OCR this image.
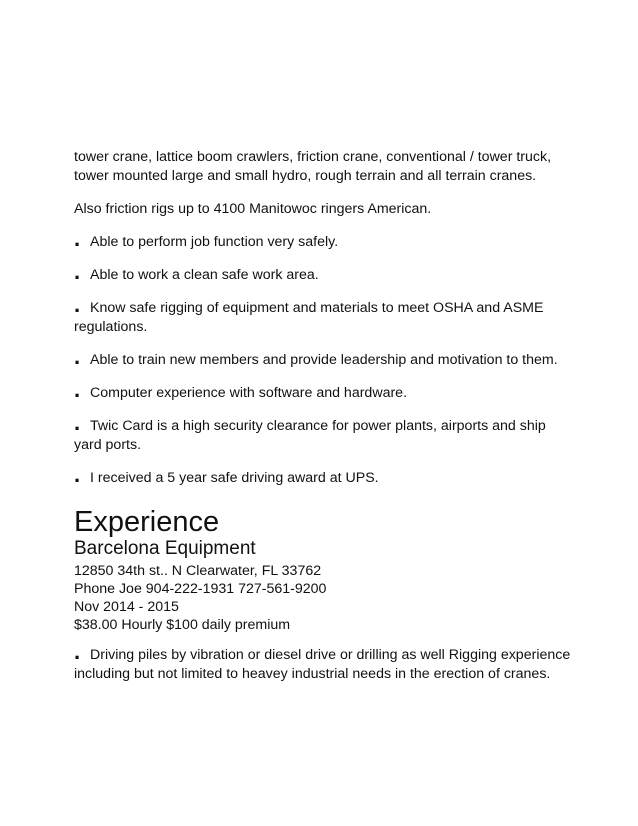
tower crane, lattice boom crawlers, friction crane, conventional / tower truck, tower mounted large and small hydro, rough terrain and all terrain cranes.

Also friction rigs up to 4100 Manitowoc ringers American.

. Able to perform job function very safely.

. Able to work a clean safe work area.

. Know safe rigging of equipment and materials to meet OSHA and ASME regulations.

. Able to train new members and provide leadership and motivation to them.

. Computer experience with software and hardware.

. Twic Card is a high security clearance for power plants, airports and ship yard ports.

. I received a 5 year safe driving award at UPS.

Experience
Barcelona Equipment

12850 34th st.. N Clearwater, FL 33762

Phone Joe 904-222-1931 727-561-9200

Nov 2014 - 2015

$38.00 Hourly $100 daily premium

. Driving piles by vibration or diesel drive or drilling as well Rigging experience including but not limited to heavey industrial needs in the erection of cranes.
